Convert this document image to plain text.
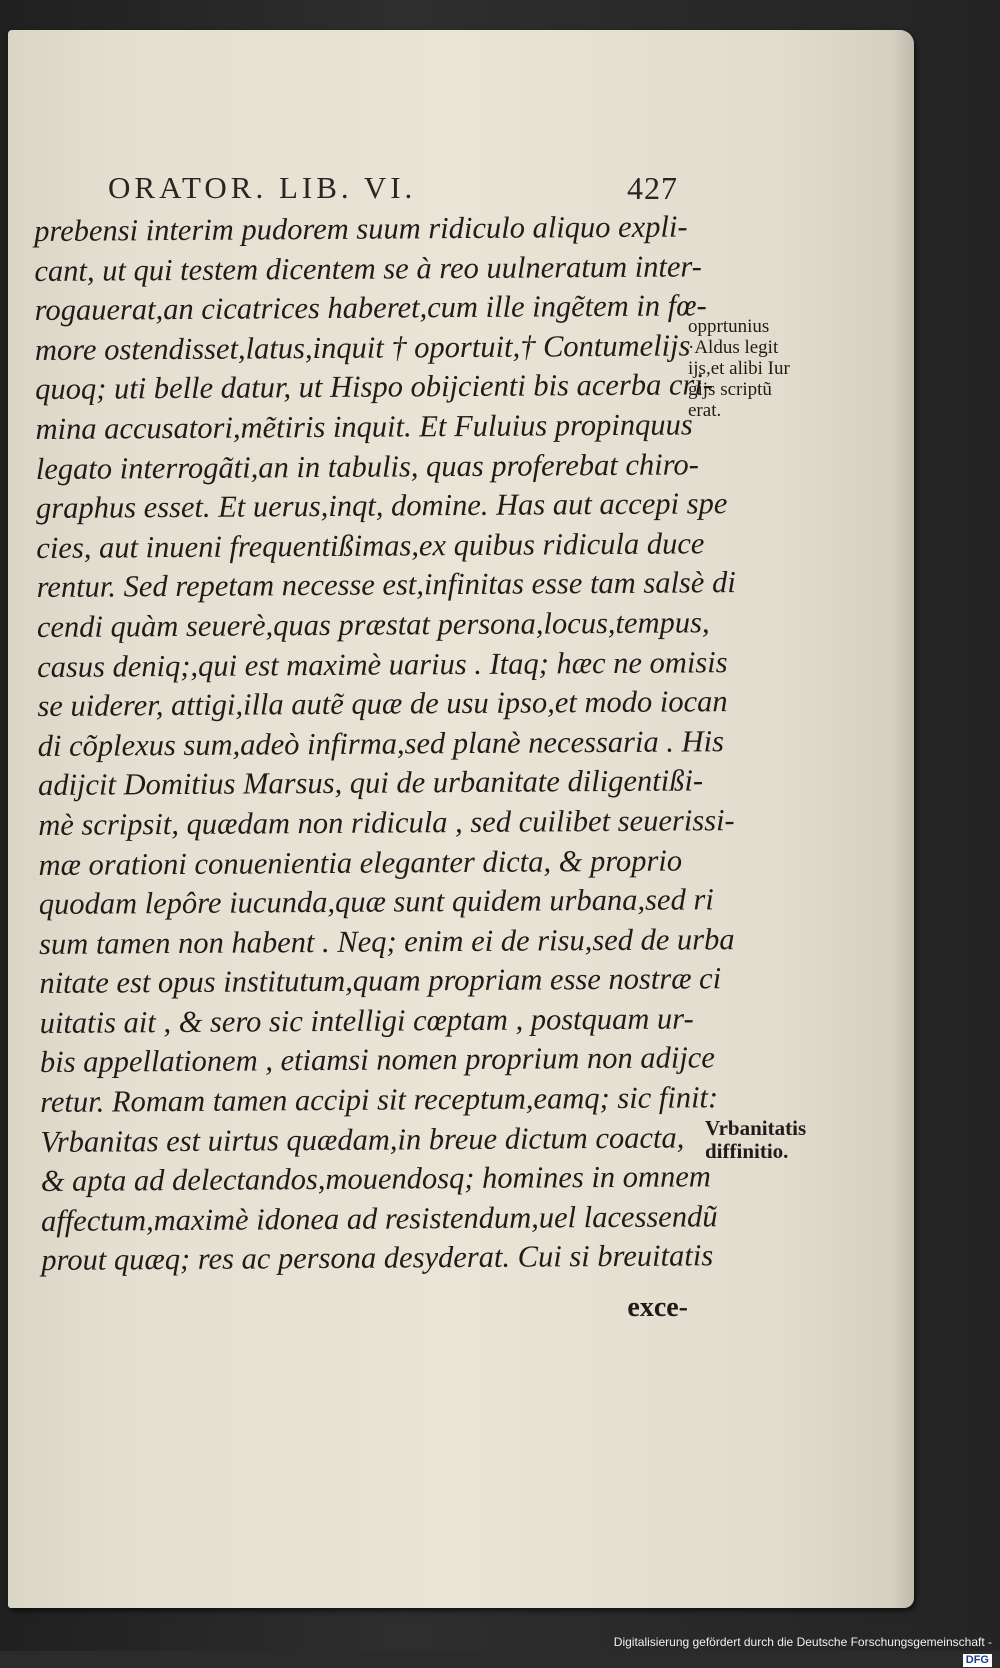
ORATOR. LIB. VI.	427
prebensi interim pudorem suum ridiculo aliquo expli-
cant, ut qui testem dicentem se à reo uulneratum inter-
rogauerat,an cicatrices haberet,cum ille ingẽtem in fœ-
more ostendisset,latus,inquit † oportuit,† Contumelijs
quoq; uti belle datur, ut Hispo obijcienti bis acerba cri-
mina accusatori,mẽtiris inquit. Et Fuluius propinquus
legato interrogãti,an in tabulis, quas proferebat chiro-
graphus esset. Et uerus,inqt, domine. Has aut accepi spe
cies, aut inueni frequentißimas,ex quibus ridicula duce
rentur. Sed repetam necesse est,infinitas esse tam salsè di
cendi quàm seuerè,quas præstat persona,locus,tempus,
casus deniq;,qui est maximè uarius . Itaq; hæc ne omisis
se uiderer, attigi,illa autẽ quæ de usu ipso,et modo iocan
di cõplexus sum,adeò infirma,sed planè necessaria . His
adijcit Domitius Marsus, qui de urbanitate diligentißi-
mè scripsit, quædam non ridicula , sed cuilibet seuerissi-
mæ orationi conuenientia eleganter dicta, & proprio
quodam lepôre iucunda,quæ sunt quidem urbana,sed ri
sum tamen non habent . Neq; enim ei de risu,sed de urba
nitate est opus institutum,quam propriam esse nostræ ci
uitatis ait , & sero sic intelligi cœptam , postquam ur-
bis appellationem , etiamsi nomen proprium non adijce
retur. Romam tamen accipi sit receptum,eamq; sic finit:
Vrbanitas est uirtus quædam,in breue dictum coacta,
& apta ad delectandos,mouendosq; homines in omnem
affectum,maximè idonea ad resistendum,uel lacessendũ
prout quæq; res ac persona desyderat. Cui si breuitatis
exce-
opprtunius
·Aldus legit
ijs,et alibi Iur
gijs scriptũ
erat.
Vrbanitatis
diffinitio.
Digitalisierung gefördert durch die Deutsche Forschungsgemeinschaft -DFG
